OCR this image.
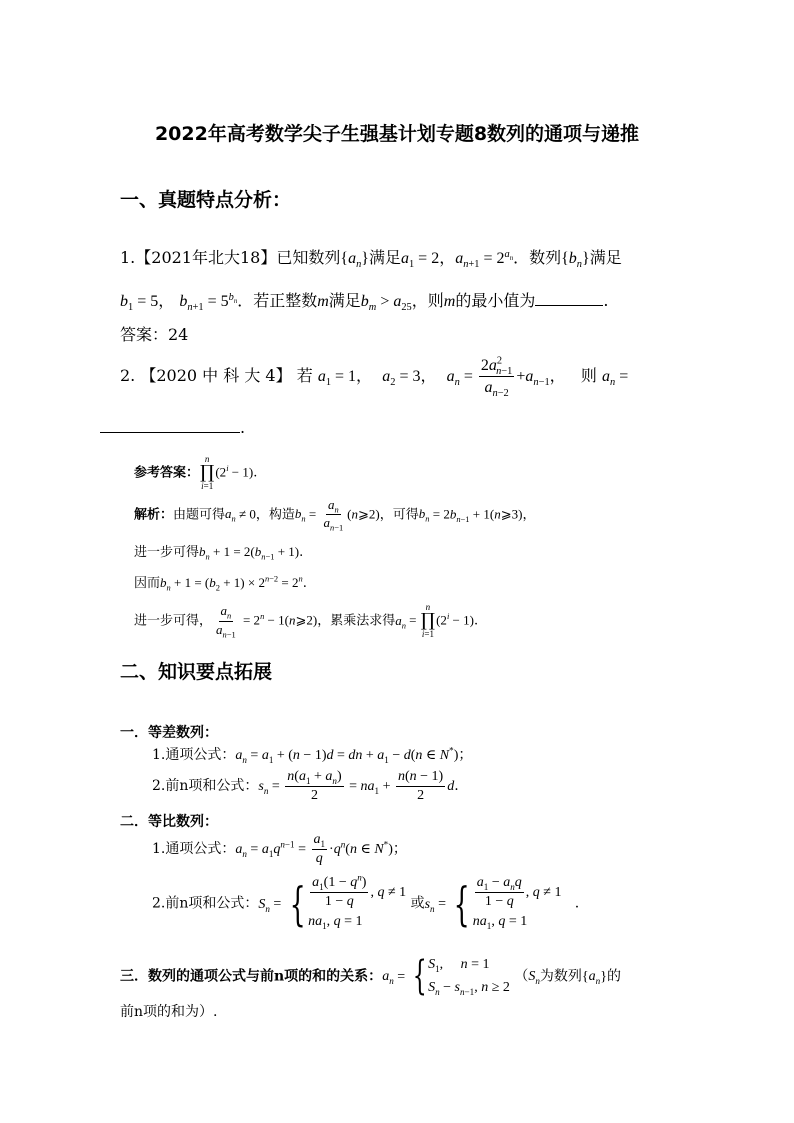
2022年高考数学尖子生强基计划专题8数列的通项与递推
一、真题特点分析：
1.【2021年北大18】已知数列$\{a_n\}$满足$a_1 = 2$，$a_{n+1} = 2^{a_n}$．数列$\{b_n\}$满足
$b_1 = 5$， $b_{n+1} = 5^{b_n}$．若正整数m满足$b_m > a_{25}$，则m的最小值为	.
答案：24
2. 【2020 中 科 大 4】 若 $a_1 = 1$，  $a_2 = 3$，  $a_n = \frac{2a^2_{n-1}}{a_{n-2}} +a_{n-1}$，   则 $a_n$ =
.
参考答案：
n
∏
i=1
$(2^i - 1)$.
解析：由题可得$a_n \ne 0$，构造$b_n = \frac{a_n}{a_{n-1}}$ (n⩾2)，可得$b_n = 2b_{n-1}$ + 1(n⩾3)，
进一步可得$b_n + 1 = 2(b_{n-1} + 1)$.
因而$b_n + 1 = (b_2 + 1) \times 2^{n-2} = 2^n$.
进一步可得， $\frac{a_n}{a_{n-1}} = 2^n$ − 1(n⩾2)，累乘法求得$a_n$ =
n
∏
i=1
$(2^i - 1)$.
二、知识要点拓展
一．等差数列：
1.通项公式：$a_n = a_1 + (n - 1)d$ = dn + $a_1 - d(n$ ∈ N*)；
2.前n项和公式：$s_n = \frac{n(a_1 + a_n)}{2} = na_1 + \frac{n(n - 1)}{2} d$.
二．等比数列：
1.通项公式：$a_n = a_1q^{n-1} = \frac{a_1}{q} \cdot q^n(n$ ∈ N*)；
2.前n项和公式：$S_n$ = { $\frac{a_1(1 - q^n)}{1 - q}$ , q ≠ 1
$na_1$, q = 1
或$s_n$ = { $\frac{a_1 - a_nq}{1 - q}$ , q ≠ 1
$na_1$, q = 1
.
三．数列的通项公式与前n项的和的关系：$a_n$ = { $S_1$,     n = 1
$S_n - s_{n-1}$, n ≥ 2
（$S_n$为数列$\{a_n\}$的
前n项的和为）.
